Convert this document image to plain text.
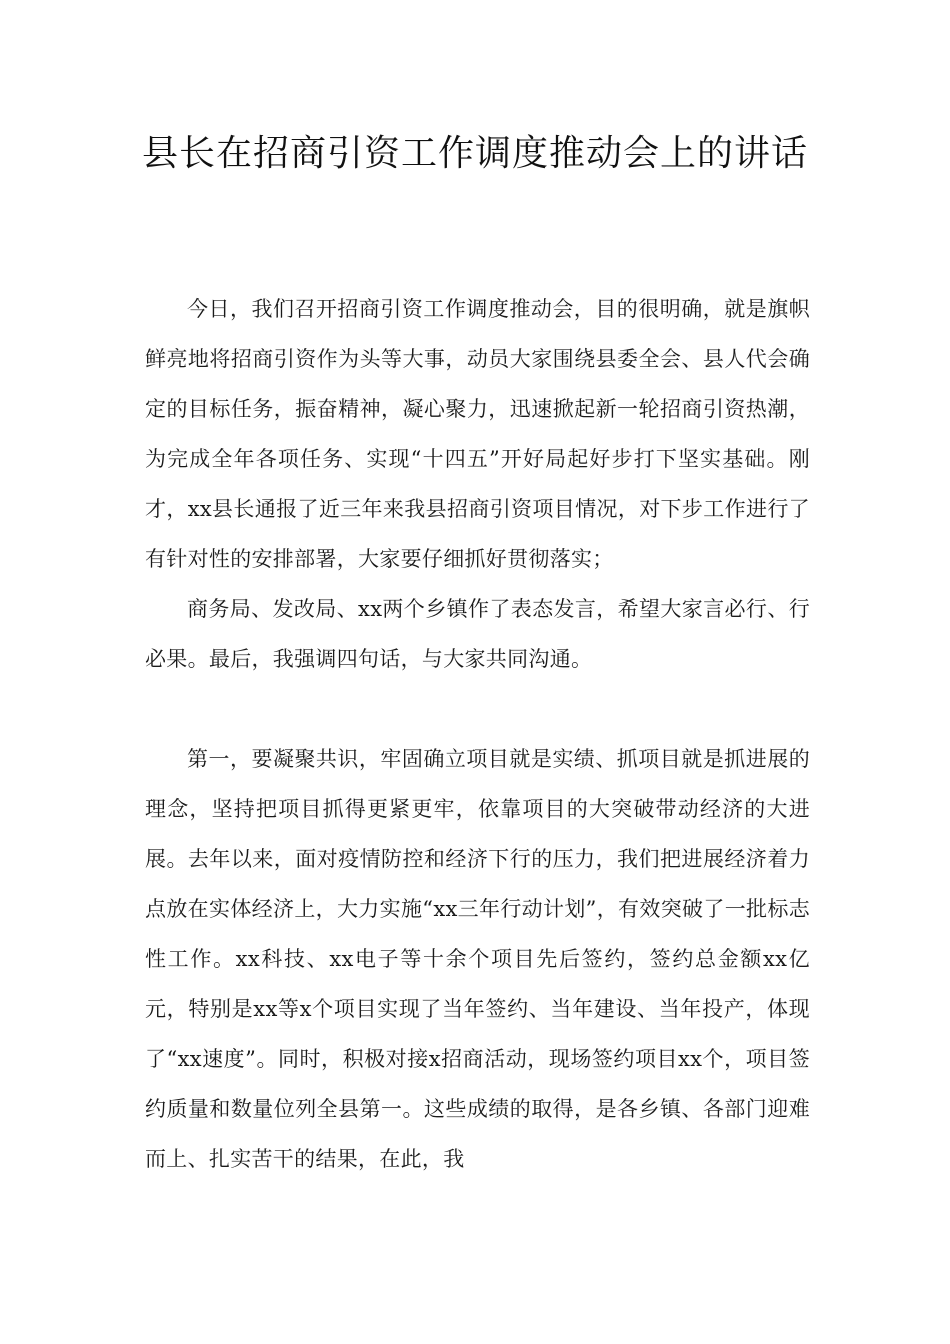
县长在招商引资工作调度推动会上的讲话

今日，我们召开招商引资工作调度推动会，目的很明确，就是旗帜鲜亮地将招商引资作为头等大事，动员大家围绕县委全会、县人代会确定的目标任务，振奋精神，凝心聚力，迅速掀起新一轮招商引资热潮，为完成全年各项任务、实现“十四五”开好局起好步打下坚实基础。刚才，xx县长通报了近三年来我县招商引资项目情况，对下步工作进行了有针对性的安排部署，大家要仔细抓好贯彻落实；

商务局、发改局、xx两个乡镇作了表态发言，希望大家言必行、行必果。最后，我强调四句话，与大家共同沟通。

第一，要凝聚共识，牢固确立项目就是实绩、抓项目就是抓进展的理念，坚持把项目抓得更紧更牢，依靠项目的大突破带动经济的大进展。去年以来，面对疫情防控和经济下行的压力，我们把进展经济着力点放在实体经济上，大力实施“xx三年行动计划”，有效突破了一批标志性工作。xx科技、xx电子等十余个项目先后签约，签约总金额xx亿元，特别是xx等x个项目实现了当年签约、当年建设、当年投产，体现了“xx速度”。同时，积极对接x招商活动，现场签约项目xx个，项目签约质量和数量位列全县第一。这些成绩的取得，是各乡镇、各部门迎难而上、扎实苦干的结果，在此，我
